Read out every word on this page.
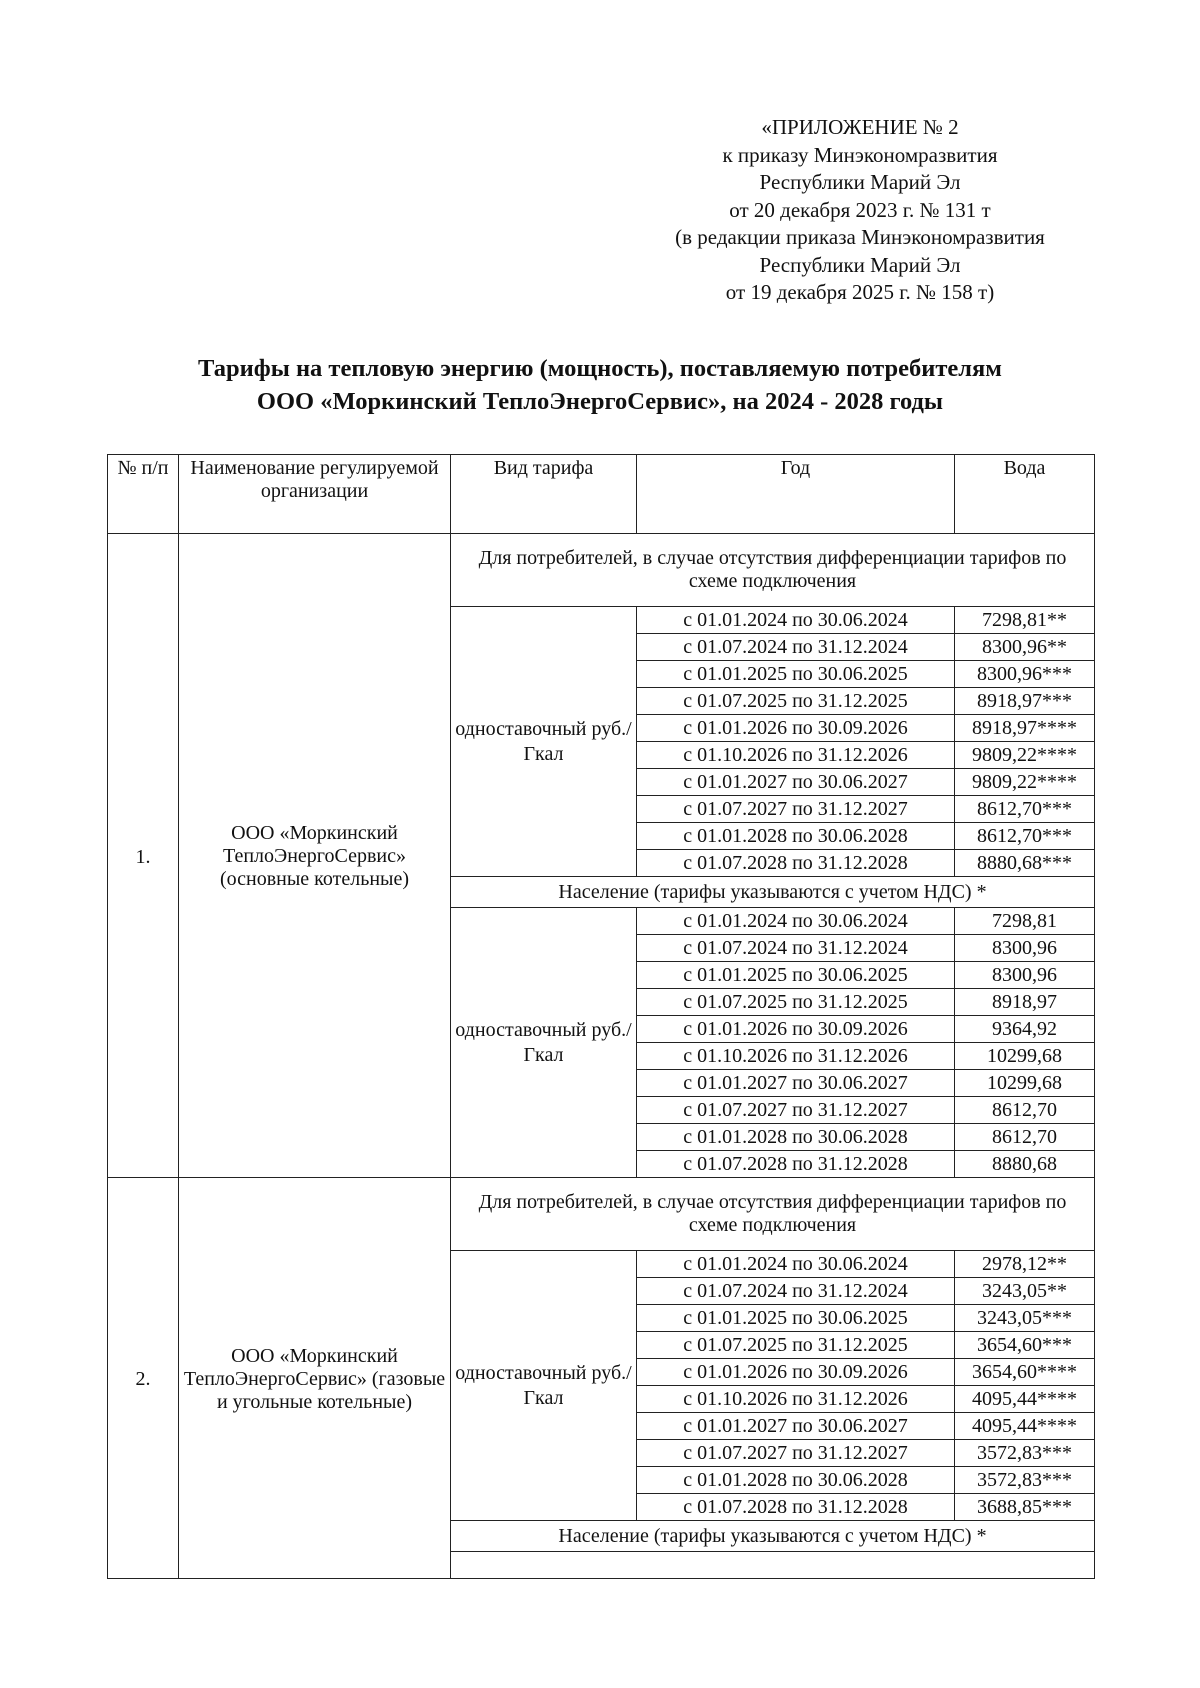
«ПРИЛОЖЕНИЕ № 2
к приказу Минэкономразвития
Республики Марий Эл
от 20 декабря 2023 г. № 131 т
(в редакции приказа Минэкономразвития
Республики Марий Эл
от 19 декабря 2025 г. № 158 т)
Тарифы на тепловую энергию (мощность), поставляемую потребителям
ООО «Моркинский ТеплоЭнергоСервис», на 2024 - 2028 годы
№ п/п	Наименование регулируемой организации	Вид тарифа	Год	Вода
1.	ООО «Моркинский ТеплоЭнергоСервис» (основные котельные)	Для потребителей, в случае отсутствия дифференциации тарифов по схеме подключения		
		одноставочный руб./Гкал	с 01.01.2024 по 30.06.2024	7298,81**
			с 01.07.2024 по 31.12.2024	8300,96**
			с 01.01.2025 по 30.06.2025	8300,96***
			с 01.07.2025 по 31.12.2025	8918,97***
			с 01.01.2026 по 30.09.2026	8918,97****
			с 01.10.2026 по 31.12.2026	9809,22****
			с 01.01.2027 по 30.06.2027	9809,22****
			с 01.07.2027 по 31.12.2027	8612,70***
			с 01.01.2028 по 30.06.2028	8612,70***
			с 01.07.2028 по 31.12.2028	8880,68***
		Население (тарифы указываются с учетом НДС) *		
		одноставочный руб./Гкал	с 01.01.2024 по 30.06.2024	7298,81
			с 01.07.2024 по 31.12.2024	8300,96
			с 01.01.2025 по 30.06.2025	8300,96
			с 01.07.2025 по 31.12.2025	8918,97
			с 01.01.2026 по 30.09.2026	9364,92
			с 01.10.2026 по 31.12.2026	10299,68
			с 01.01.2027 по 30.06.2027	10299,68
			с 01.07.2027 по 31.12.2027	8612,70
			с 01.01.2028 по 30.06.2028	8612,70
			с 01.07.2028 по 31.12.2028	8880,68
2.	ООО «Моркинский ТеплоЭнергоСервис» (газовые и угольные котельные)	Для потребителей, в случае отсутствия дифференциации тарифов по схеме подключения		
		одноставочный руб./Гкал	с 01.01.2024 по 30.06.2024	2978,12**
			с 01.07.2024 по 31.12.2024	3243,05**
			с 01.01.2025 по 30.06.2025	3243,05***
			с 01.07.2025 по 31.12.2025	3654,60***
			с 01.01.2026 по 30.09.2026	3654,60****
			с 01.10.2026 по 31.12.2026	4095,44****
			с 01.01.2027 по 30.06.2027	4095,44****
			с 01.07.2027 по 31.12.2027	3572,83***
			с 01.01.2028 по 30.06.2028	3572,83***
			с 01.07.2028 по 31.12.2028	3688,85***
		Население (тарифы указываются с учетом НДС) *		
